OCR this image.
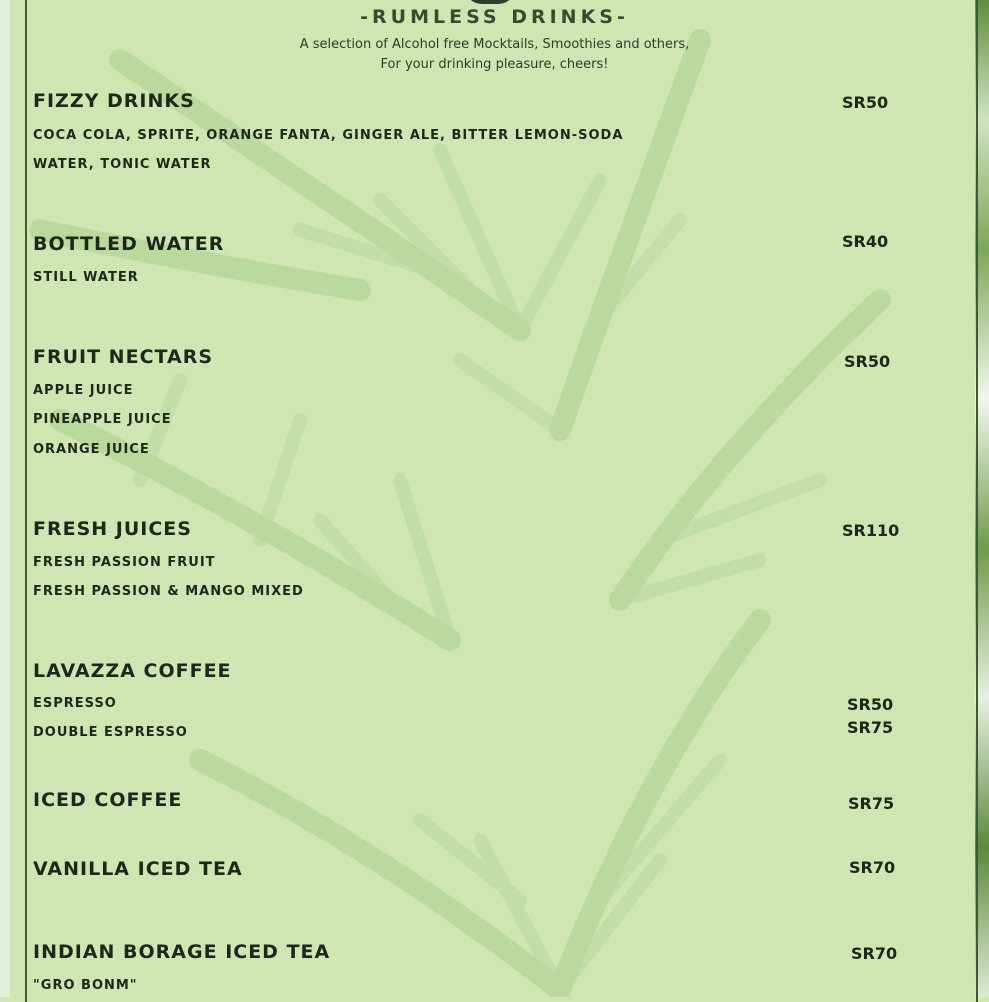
-RUMLESS DRINKS-
A selection of Alcohol free Mocktails, Smoothies and others,
For your drinking pleasure, cheers!
FIZZY DRINKS	SR50
COCA COLA, SPRITE, ORANGE FANTA, GINGER ALE, BITTER LEMON-SODA
WATER, TONIC WATER
BOTTLED WATER	SR40
STILL WATER
FRUIT NECTARS	SR50
APPLE JUICE
PINEAPPLE JUICE
ORANGE JUICE
FRESH JUICES	SR110
FRESH PASSION FRUIT
FRESH PASSION & MANGO MIXED
LAVAZZA COFFEE
ESPRESSO	SR50
DOUBLE ESPRESSO	SR75
ICED COFFEE	SR75
VANILLA ICED TEA	SR70
INDIAN BORAGE ICED TEA	SR70
"GRO BONM"
